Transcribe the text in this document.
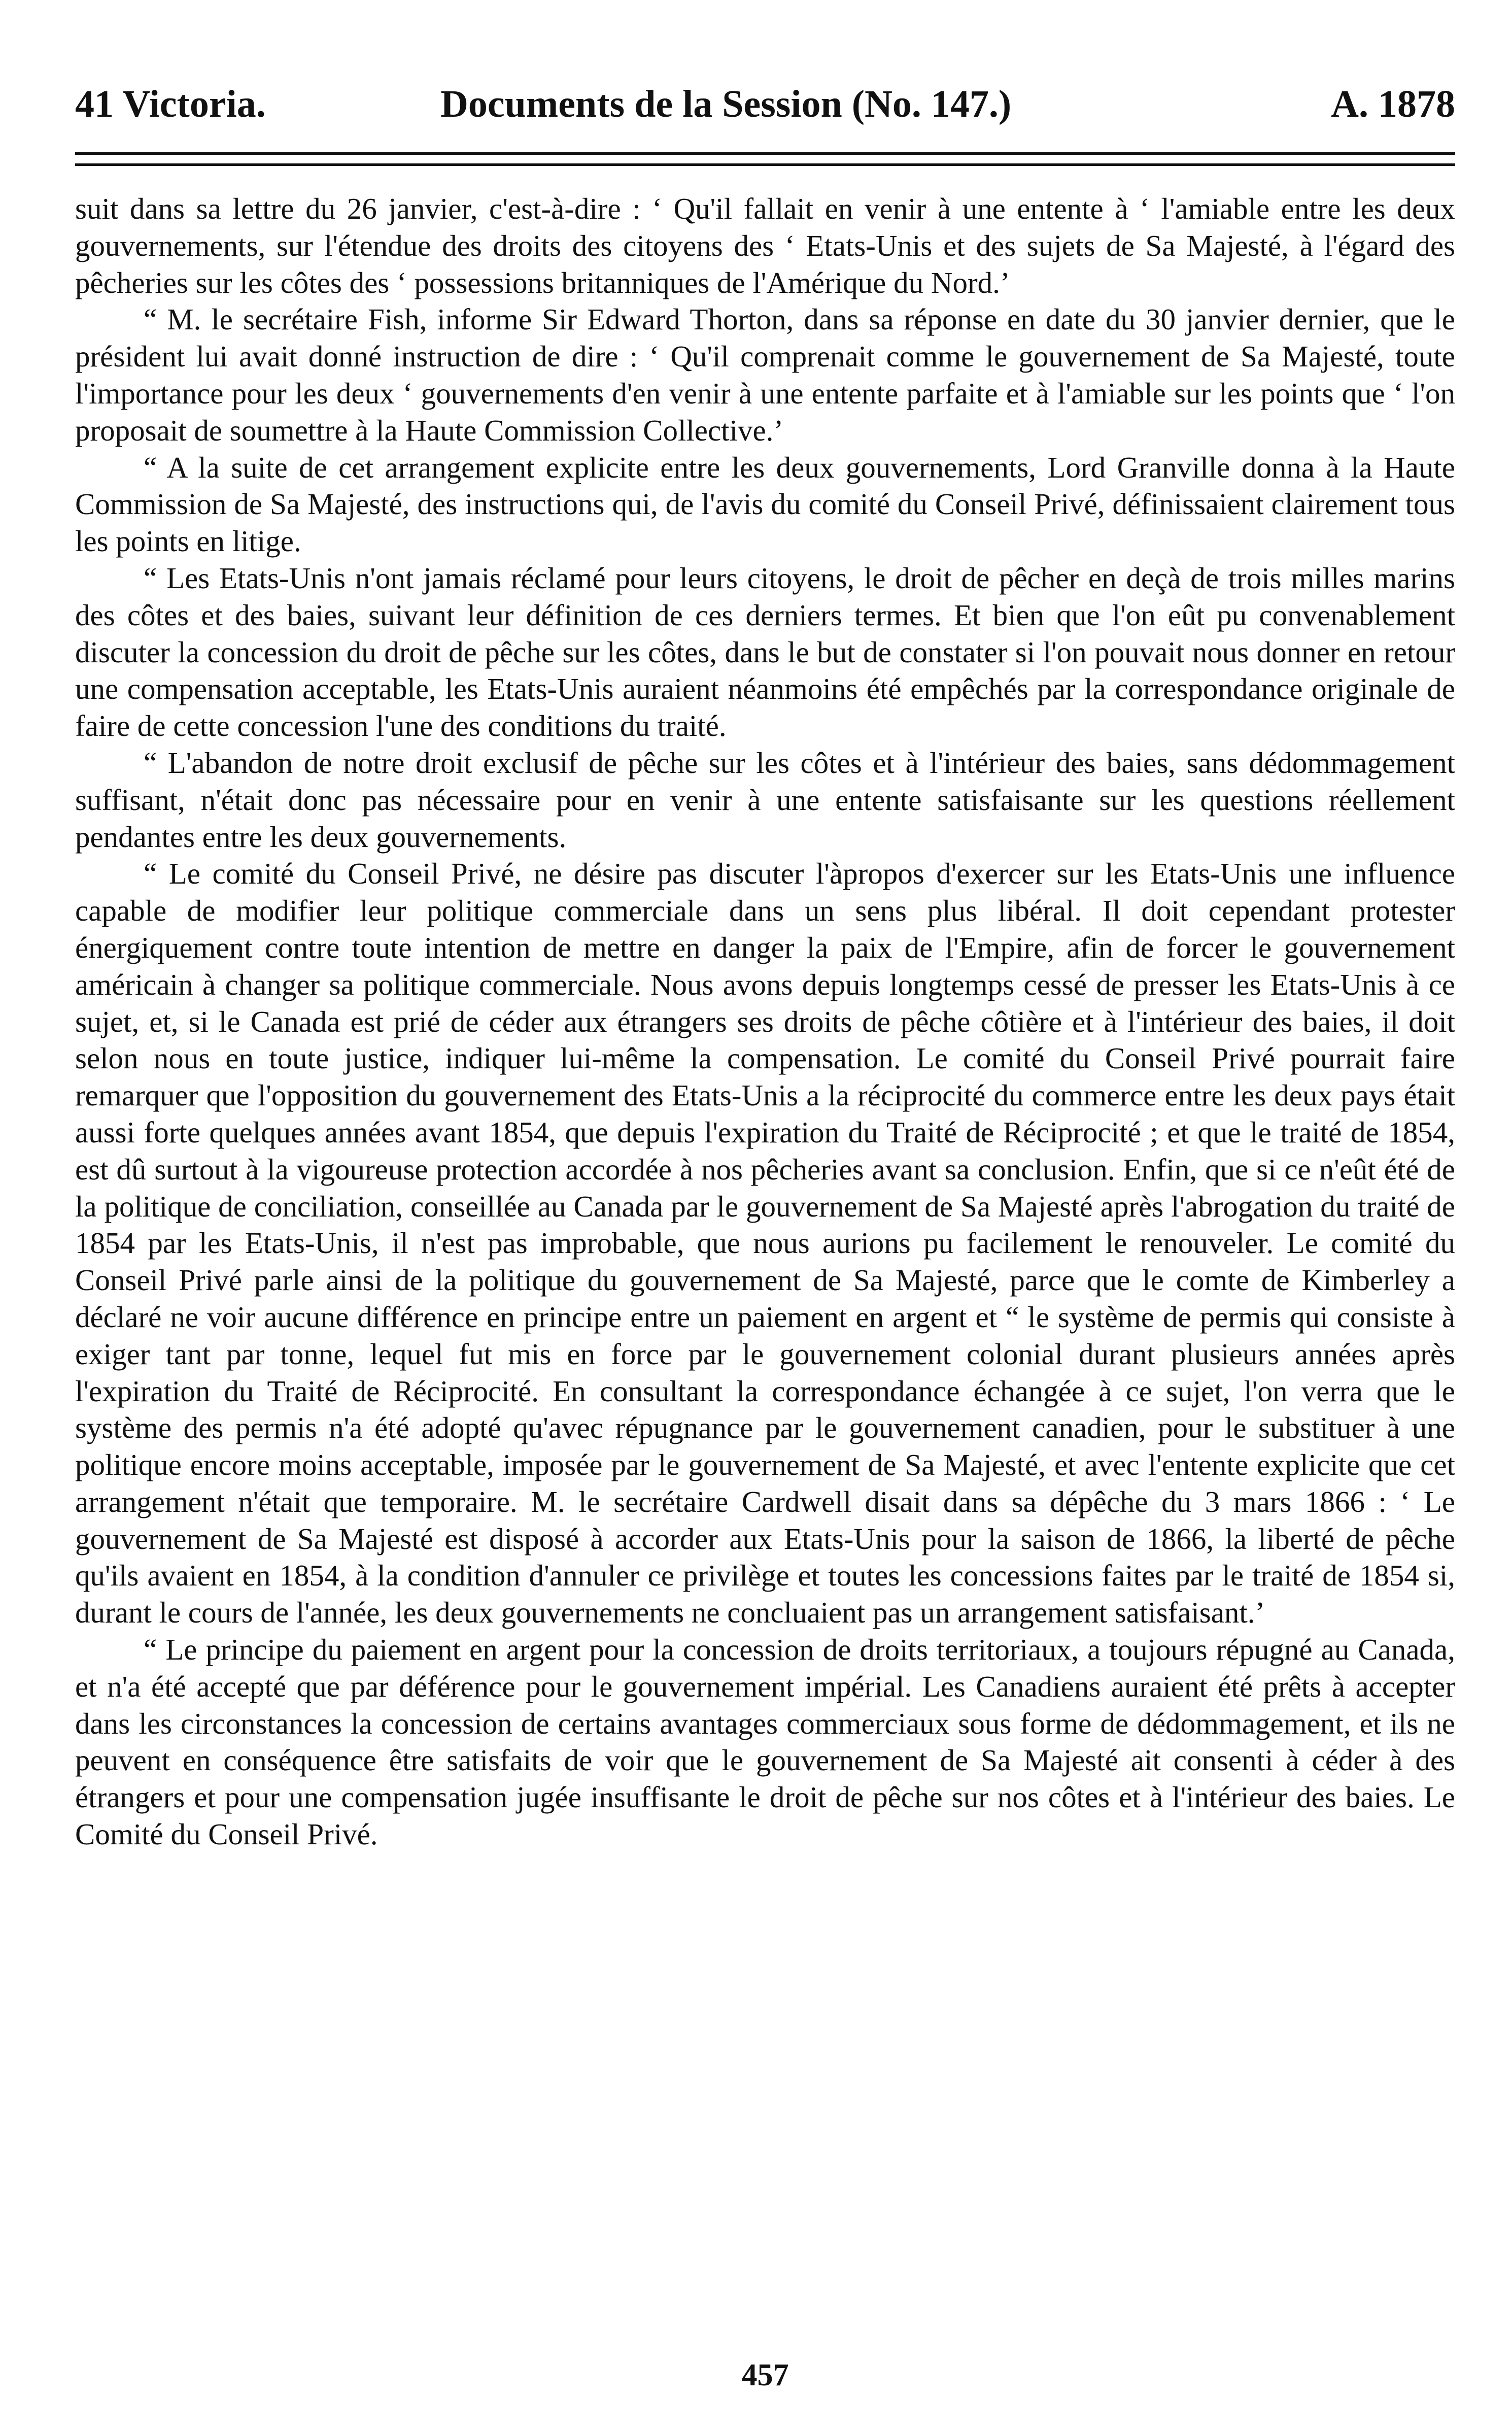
41 Victoria.	Documents de la Session (No. 147.)	A. 1878

suit dans sa lettre du 26 janvier, c'est-à-dire : ‘ Qu'il fallait en venir à une entente à ‘ l'amiable entre les deux gouvernements, sur l'étendue des droits des citoyens des ‘ Etats-Unis et des sujets de Sa Majesté, à l'égard des pêcheries sur les côtes des ‘ possessions britanniques de l'Amérique du Nord.’

“ M. le secrétaire Fish, informe Sir Edward Thorton, dans sa réponse en date du 30 janvier dernier, que le président lui avait donné instruction de dire : ‘ Qu'il comprenait comme le gouvernement de Sa Majesté, toute l'importance pour les deux ‘ gouvernements d'en venir à une entente parfaite et à l'amiable sur les points que ‘ l'on proposait de soumettre à la Haute Commission Collective.’

“ A la suite de cet arrangement explicite entre les deux gouvernements, Lord Granville donna à la Haute Commission de Sa Majesté, des instructions qui, de l'avis du comité du Conseil Privé, définissaient clairement tous les points en litige.

“ Les Etats-Unis n'ont jamais réclamé pour leurs citoyens, le droit de pêcher en deçà de trois milles marins des côtes et des baies, suivant leur définition de ces derniers termes. Et bien que l'on eût pu convenablement discuter la concession du droit de pêche sur les côtes, dans le but de constater si l'on pouvait nous donner en retour une compensation acceptable, les Etats-Unis auraient néanmoins été empêchés par la correspondance originale de faire de cette concession l'une des conditions du traité.

“ L'abandon de notre droit exclusif de pêche sur les côtes et à l'intérieur des baies, sans dédommagement suffisant, n'était donc pas nécessaire pour en venir à une entente satisfaisante sur les questions réellement pendantes entre les deux gouvernements.

“ Le comité du Conseil Privé, ne désire pas discuter l'àpropos d'exercer sur les Etats-Unis une influence capable de modifier leur politique commerciale dans un sens plus libéral. Il doit cependant protester énergiquement contre toute intention de mettre en danger la paix de l'Empire, afin de forcer le gouvernement américain à changer sa politique commerciale. Nous avons depuis longtemps cessé de presser les Etats-Unis à ce sujet, et, si le Canada est prié de céder aux étrangers ses droits de pêche côtière et à l'intérieur des baies, il doit selon nous en toute justice, indiquer lui-même la compensation. Le comité du Conseil Privé pourrait faire remarquer que l'opposition du gouvernement des Etats-Unis a la réciprocité du commerce entre les deux pays était aussi forte quelques années avant 1854, que depuis l'expiration du Traité de Réciprocité ; et que le traité de 1854, est dû surtout à la vigoureuse protection accordée à nos pêcheries avant sa conclusion. Enfin, que si ce n'eût été de la politique de conciliation, conseillée au Canada par le gouvernement de Sa Majesté après l'abrogation du traité de 1854 par les Etats-Unis, il n'est pas improbable, que nous aurions pu facilement le renouveler. Le comité du Conseil Privé parle ainsi de la politique du gouvernement de Sa Majesté, parce que le comte de Kimberley a déclaré ne voir aucune différence en principe entre un paiement en argent et “ le système de permis qui consiste à exiger tant par tonne, lequel fut mis en force par le gouvernement colonial durant plusieurs années après l'expiration du Traité de Réciprocité. En consultant la correspondance échangée à ce sujet, l'on verra que le système des permis n'a été adopté qu'avec répugnance par le gouvernement canadien, pour le substituer à une politique encore moins acceptable, imposée par le gouvernement de Sa Majesté, et avec l'entente explicite que cet arrangement n'était que temporaire. M. le secrétaire Cardwell disait dans sa dépêche du 3 mars 1866 : ‘ Le gouvernement de Sa Majesté est disposé à accorder aux Etats-Unis pour la saison de 1866, la liberté de pêche qu'ils avaient en 1854, à la condition d'annuler ce privilège et toutes les concessions faites par le traité de 1854 si, durant le cours de l'année, les deux gouvernements ne concluaient pas un arrangement satisfaisant.’

“ Le principe du paiement en argent pour la concession de droits territoriaux, a toujours répugné au Canada, et n'a été accepté que par déférence pour le gouvernement impérial. Les Canadiens auraient été prêts à accepter dans les circonstances la concession de certains avantages commerciaux sous forme de dédommagement, et ils ne peuvent en conséquence être satisfaits de voir que le gouvernement de Sa Majesté ait consenti à céder à des étrangers et pour une compensation jugée insuffisante le droit de pêche sur nos côtes et à l'intérieur des baies. Le Comité du Conseil Privé.

457
